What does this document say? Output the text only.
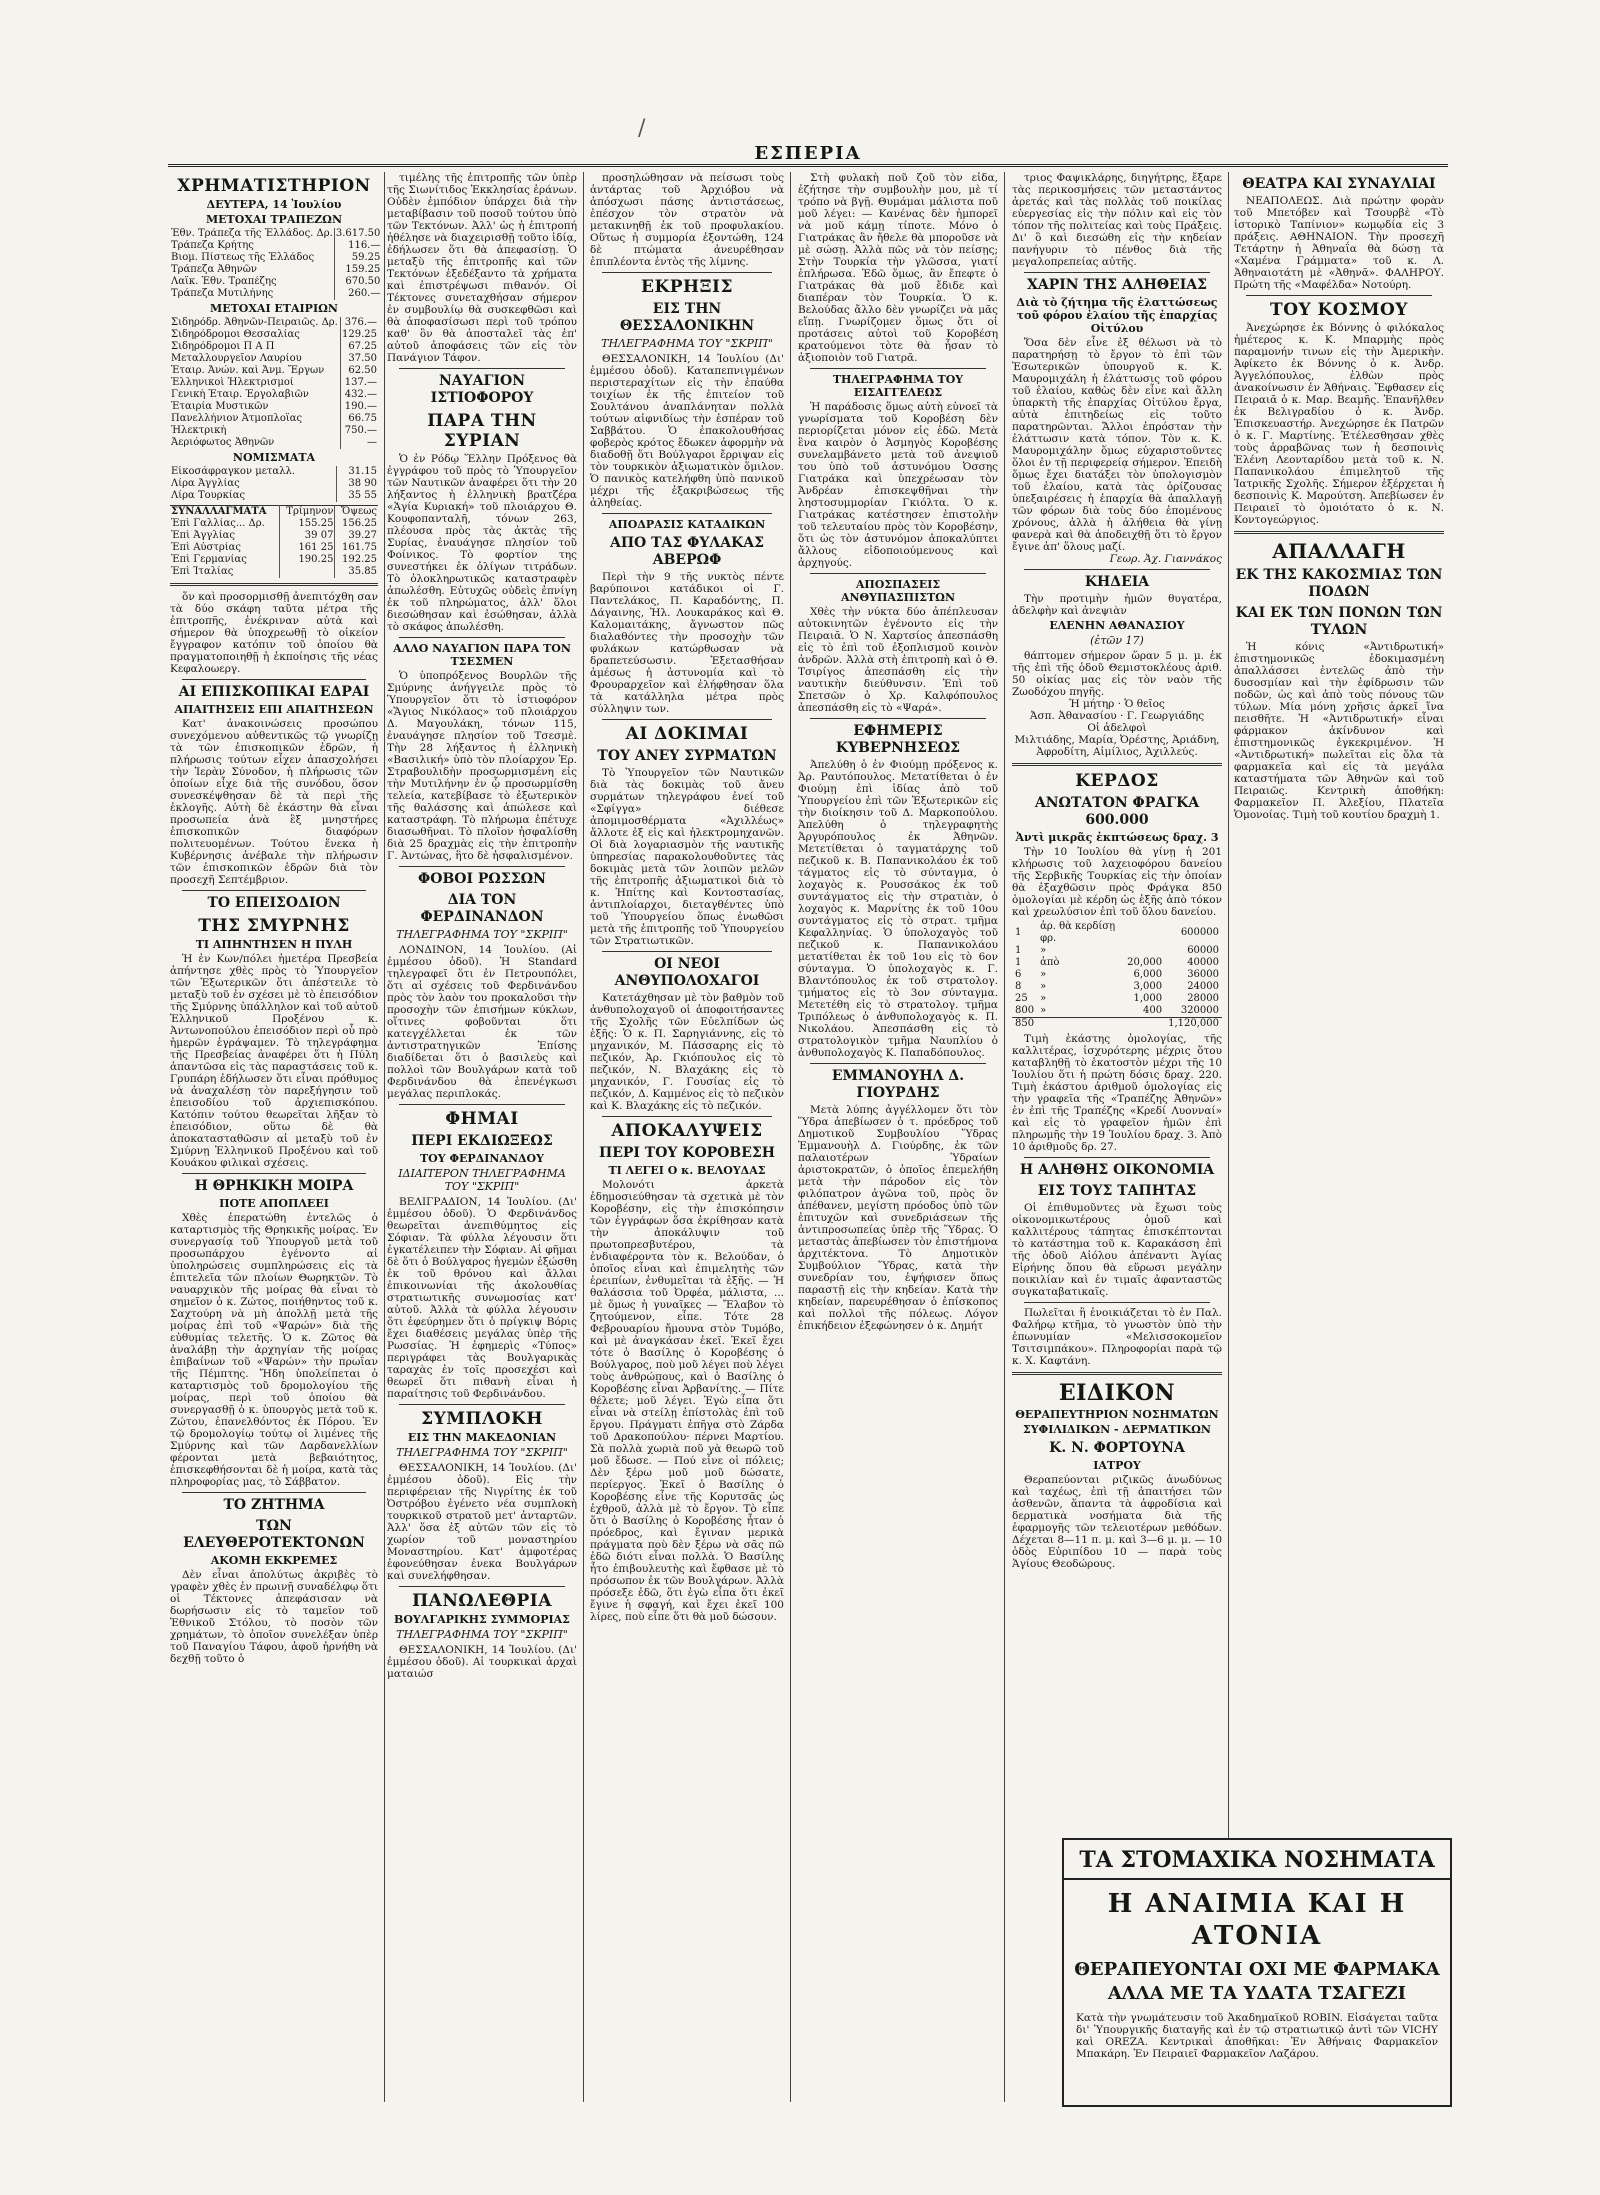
/
ΕΣΠΕΡΙΑ
ΧΡΗΜΑΤΙΣΤΗΡΙΟΝ
ΔΕΥΤΕΡΑ, 14 Ἰουλίου
ΜΕΤΟΧΑΙ ΤΡΑΠΕΖΩΝ
Ἐθν. Τράπεζα τῆς Ἑλλάδος. Δρ.	3.617.50
Τράπεζα Κρήτης	116.—
Βιομ. Πίστεως τῆς Ἑλλάδος	59.25
Τράπεζα Ἀθηνῶν	159.25
Λαϊκ. Ἐθν. Τραπέζης	670.50
Τράπεζα Μυτιλήνης	260.—
ΜΕΤΟΧΑΙ ΕΤΑΙΡΙΩΝ
Σιδηρόδρ. Ἀθηνῶν-Πειραιῶς. Δρ.	376.—
Σιδηρόδρομοι Θεσσαλίας	129.25
Σιδηρόδρομοι Π Α Π	67.25
Μεταλλουργεῖον Λαυρίου	37.50
Ἑταιρ. Ἀνών. καὶ Ἀνμ. Ἔργων	62.50
Ἑλληνικοὶ Ἠλεκτρισμοί	137.—
Γενικὴ Ἑταιρ. Ἐργολαβιῶν	432.—
Ἑταιρία Μυστικῶν	190.—
Πανελλήνιον Ἀτμοπλοΐας	66.75
Ἠλεκτρικὴ	750.—
Ἀεριόφωτος Ἀθηνῶν	—
ΝΟΜΙΣΜΑΤΑ
Εἰκοσάφραγκον μεταλλ.	31.15
Λίρα Ἀγγλίας	38 90
Λίρα Τουρκίας	35 55
ΣΥΝΑΛΛΑΓΜΑΤΑ	Τρίμηνον	Ὄψεως
Ἐπὶ Γαλλίας... Δρ.	155.25	156.25
Ἐπὶ Ἀγγλίας	39 07	39.27
Ἐπὶ Αὐστρίας	161 25	161.75
Ἐπὶ Γερμανίας	190.25	192.25
Ἐπὶ Ἰταλίας		35.85

ὅν καὶ προσορμισθῇ ἀνεπιτόχθη σαν τὰ δύο σκάφη ταῦτα μέτρα τῆς ἐπιτροπῆς, ἐνέκριναν αὐτὰ καὶ σήμερον θὰ ὑποχρεωθῇ τὸ οἰκείον ἔγγραφον κατόπιν τοῦ ὁποίου θὰ πραγματοποιηθῇ ἡ ἐκποίησις τῆς νέας Κεφαλοωεργ.

ΑΙ ΕΠΙΣΚΟΠΙΚΑΙ ΕΔΡΑΙ
ΑΠΑΙΤΗΣΕΙΣ ΕΠΙ ΑΠΑΙΤΗΣΕΩΝ

Κατ' ἀνακοινώσεις προσώπου συνεχόμενου αὐθεντικῶς τῷ γνωρίζῃ τὰ τῶν ἐπισκοπικῶν ἑδρῶν, ἡ πλήρωσις τούτων εἶχεν ἀπασχολήσει τὴν Ἱερὰν Σύνοδον, ἡ πλήρωσις τῶν ὁποίων εἶχε διὰ τῆς συνόδου, ὅσον συνεσκέψθησαν δὲ τὰ περὶ τῆς ἐκλογῆς. Αὐτὴ δὲ ἐκάστην θὰ εἶναι προσωπεία ἀνὰ ἓξ μνηστήρες ἐπισκοπικῶν διαφόρων πολιτευομένων. Τούτου ἕνεκα ἡ Κυβέρνησις ἀνέβαλε τὴν πλήρωσιν τῶν ἐπισκοπικῶν ἑδρῶν διὰ τὸν προσεχῆ Σεπτέμβριον.

ΤΟ ΕΠΕΙΣΟΔΙΟΝ
ΤΗΣ ΣΜΥΡΝΗΣ
ΤΙ ΑΠΗΝΤΗΣΕΝ Η ΠΥΛΗ

Ἡ ἐν Κων/πόλει ἡμετέρα Πρεσβεία ἀπήντησε χθὲς πρὸς τὸ Ὑπουργεῖον τῶν Ἐξωτερικῶν ὅτι ἀπέστειλε τὸ μεταξὺ τοῦ ἐν σχέσει μὲ τὸ ἐπεισόδιον τῆς Σμύρνης ὑπάλληλον καὶ τοῦ αὐτοῦ Ἑλληνικοῦ Προξένου κ. Ἀντωνοπούλου ἐπεισόδιον περὶ οὗ πρὸ ἡμερῶν ἐγράψαμεν. Τὸ τηλεγράφημα τῆς Πρεσβείας ἀναφέρει ὅτι ἡ Πύλη ἀπαντῶσα εἰς τὰς παραστάσεις τοῦ κ. Γρυπάρη ἐδήλωσεν ὅτι εἶναι πρόθυμος νὰ ἀναχαλέσῃ τὸν παρεξήγησιν τοῦ ἐπεισοδίου τοῦ ἀρχιεπισκόπου. Κατόπιν τούτου θεωρεῖται λῆξαν τὸ ἐπεισόδιον, οὕτω δὲ θὰ ἀποκατασταθῶσιν αἱ μεταξὺ τοῦ ἐν Σμύρνῃ Ἑλληνικοῦ Προξένου καὶ τοῦ Κουάκου φιλικαὶ σχέσεις.

Η ΘΡΗΚΙΚΗ ΜΟΙΡΑ
ΠΟΤΕ ΑΠΟΠΛΕΕΙ

Χθὲς ἐπερατώθη ἐντελῶς ὁ καταρτισμὸς τῆς Θρηκικῆς μοίρας. Ἐν συνεργασίᾳ τοῦ Ὑπουργοῦ μετὰ τοῦ προσωπάρχου ἐγένοντο αἱ ὑποληρώσεις συμπληρώσεις εἰς τὰ ἐπιτελεῖα τῶν πλοίων Θωρηκτῶν. Τὸ ναυαρχικὸν τῆς μοίρας θὰ εἶναι τὸ σημεῖον ὁ κ. Ζώτος, ποιήθηντος τοῦ κ. Σαχτούρη νὰ μὴ ἀπολλῇ μετὰ τῆς μοίρας ἐπὶ τοῦ «Ψαρών» διὰ τῆς εὐθυμίας τελετῆς. Ὁ κ. Ζῶτος θὰ ἀναλάβῃ τὴν ἀρχηγίαν τῆς μοίρας ἐπιβαίνων τοῦ «Ψαρών» τὴν πρωΐαν τῆς Πέμπτης. Ἤδη ὑπολείπεται ὁ καταρτισμὸς τοῦ δρομολογίου τῆς μοίρας, περὶ τοῦ ὁποίου θὰ συνεργασθῇ ὁ κ. ὑπουργὸς μετὰ τοῦ κ. Ζώτου, ἐπανελθόντος ἐκ Πόρου. Ἐν τῷ δρομολογίῳ τούτῳ οἱ λιμένες τῆς Σμύρνης καὶ τῶν Δαρδανελλίων φέρονται μετὰ βεβαιότητος, ἐπισκεφθήσονται δὲ ἡ μοίρα, κατὰ τὰς πληροφορίας μας, τὸ Σάββατον.

ΤΟ ΖΗΤΗΜΑ
ΤΩΝ ΕΛΕΥΘΕΡΟΤΕΚΤΟΝΩΝ
ΑΚΟΜΗ ΕΚΚΡΕΜΕΣ

Δὲν εἶναι ἀπολύτως ἀκριβὲς τὸ γραφὲν χθὲς ἐν πρωινῇ συναδέλφῳ ὅτι οἱ Τέκτονες ἀπεφάσισαν νὰ δωρήσωσιν εἰς τὸ ταμεῖον τοῦ Ἐθνικοῦ Στόλου, τὸ ποσὸν τῶν χρημάτων, τὸ ὁποῖον συνελέξαν ὑπὲρ τοῦ Παναγίου Τάφου, ἀφοῦ ἠρνήθη νὰ δεχθῇ τοῦτο ὁ

τιμέλης τῆς ἐπιτροπῆς τῶν ὑπὲρ τῆς Σιωνίτιδος Ἐκκλησίας ἐράνων. Οὐδὲν ἐμπόδιον ὑπάρχει διὰ τὴν μεταβίβασιν τοῦ ποσοῦ τούτου ὑπὸ τῶν Τεκτόνων. Ἀλλ' ὡς ἡ ἐπιτροπή ἠθέλησε νὰ διαχειρισθῇ τοῦτο ἰδίᾳ, ἐδήλωσεν ὅτι θὰ ἀπεφασίσῃ. Ὁ μεταξὺ τῆς ἐπιτροπῆς καὶ τῶν Τεκτόνων ἐξεδέξαντο τὰ χρήματα καὶ ἐπιστρέψωσι πιθανόν. Οἱ Τέκτονες συνεταχθήσαν σήμερον ἐν συμβουλίῳ θὰ συσκεφθῶσι καὶ θὰ ἀποφασίσωσι περὶ τοῦ τρόπου καθ' ὃν θὰ ἀποσταλεῖ τὰς ἐπ' αὐτοῦ ἀποφάσεις τῶν εἰς τὸν Πανάγιον Τάφον.

ΝΑΥΑΓΙΟΝ ΙΣΤΙΟΦΟΡΟΥ
ΠΑΡΑ ΤΗΝ ΣΥΡΙΑΝ

Ὁ ἐν Ρόδῳ Ἕλλην Πρόξενος θὰ ἐγγράφου τοῦ πρὸς τὸ Ὑπουργεῖον τῶν Ναυτικῶν ἀναφέρει ὅτι τὴν 20 λήξαντος ἡ ἑλληνικὴ βρατζέρα «Ἁγία Κυριακή» τοῦ πλοιάρχου Θ. Κουφοπανταλῆ, τόνων 263, πλέουσα πρὸς τὰς ἀκτὰς τῆς Συρίας, ἐναυάγησε πλησίον τοῦ Φοίνικος. Τὸ φορτίον της συνεστήκει ἐκ ὀλίγων τιτράδων. Τὸ ὀλοκληρωτικῶς καταστραφὲν ἀπωλέσθη. Εὐτυχῶς οὐδεὶς ἐπνίγη ἐκ τοῦ πληρώματος, ἀλλ' ὅλοι διεσώθησαν καὶ ἐσώθησαν, ἀλλὰ τὸ σκάφος ἀπωλέσθη.

ΑΛΛΟ ΝΑΥΑΓΙΟΝ ΠΑΡΑ ΤΟΝ ΤΣΕΣΜΕΝ

Ὁ ὑποπρόξενος Βουρλῶν τῆς Σμύρνης ἀνήγγειλε πρὸς τὸ Ὑπουργεῖον ὅτι τὸ ἱστιοφόρον «Ἅγιος Νικόλαος» τοῦ πλοιάρχου Δ. Μαγουλάκη, τόνων 115, ἐναυάγησε πλησίον τοῦ Τσεσμὲ. Τὴν 28 λήξαντος ἡ ἑλληνικὴ «Βασιλική» ὑπὸ τὸν πλοίαρχον Ἐρ. Στραβουλιδὴν προσωρμισμένη εἰς τὴν Μυτιλήνην ἐν ᾧ προσωρμίσθη τελεία, κατεβίβασε τὸ ἐξωτερικὸν τῆς θαλάσσης καὶ ἀπώλεσε καὶ καταστράφη. Τὸ πλήρωμα ἐπέτυχε διασωθῆναι. Τὸ πλοῖον ἠσφαλίσθη διὰ 25 δραχμὰς εἰς τὴν ἐπιτροπὴν Γ. Ἀντώνας, ἣτο δὲ ἠσφαλισμένον.

ΦΟΒΟΙ ΡΩΣΣΩΝ
ΔΙΑ ΤΟΝ ΦΕΡΔΙΝΑΝΔΟΝ
ΤΗΛΕΓΡΑΦΗΜΑ ΤΟΥ "ΣΚΡΙΠ"

ΛΟΝΔΙΝΟΝ, 14 Ἰουλίου. (Αἱ ἐμμέσου ὁδοῦ). Ἡ Standard τηλεγραφεῖ ὅτι ἐν Πετρουπόλει, ὅτι αἱ σχέσεις τοῦ Φερδινάνδου πρὸς τὸν λαὸν του προκαλοῦσι τὴν προσοχὴν τῶν ἐπισήμων κύκλων, οἵτινες φοβοῦνται ὅτι κατεγχέλλεται ἐκ τῶν ἀντιστρατηγικῶν Ἐπίσης διαδίδεται ὅτι ὁ βασιλεὺς καὶ πολλοὶ τῶν Βουλγάρων κατὰ τοῦ Φερδινάνδου θὰ ἐπενέγκωσι μεγάλας περιπλοκάς.

ΦΗΜΑΙ
ΠΕΡΙ ΕΚΔΙΩΞΕΩΣ
ΤΟΥ ΦΕΡΔΙΝΑΝΔΟΥ
ΙΔΙΑΙΤΕΡΟΝ ΤΗΛΕΓΡΑΦΗΜΑ ΤΟΥ "ΣΚΡΙΠ"

ΒΕΛΙΓΡΑΔΙΟΝ, 14 Ἰουλίου. (Δι' ἐμμέσου ὁδοῦ). Ὁ Φερδινάνδος θεωρεῖται ἀνεπιθύμητος εἰς Σόφιαν. Τὰ φύλλα λέγουσιν ὅτι ἐγκατέλειπεν τὴν Σόφιαν. Αἱ φῆμαι δὲ ὅτι ὁ Βούλγαρος ἠγεμὼν ἐξώσθη ἐκ τοῦ θρόνου καὶ ἄλλαι ἐπικοινωνίαι τῆς ἀκολουθίας στρατιωτικῆς συνωμοσίας κατ' αὐτοῦ. Ἀλλὰ τὰ φύλλα λέγουσιν ὅτι ἐφεύρημεν ὅτι ὁ πρίγκιψ Βόρις ἔχει διαθέσεις μεγάλας ὑπὲρ τῆς Ρωσσίας. Ἡ ἐφημερὶς «Τύπος» περιγράφει τὰς Βουλγαρικὰς ταραχὰς ἐν τοῖς προσεχέσι καὶ θεωρεῖ ὅτι πιθανὴ εἶναι ἡ παραίτησις τοῦ Φερδινάνδου.

ΣΥΜΠΛΟΚΗ
ΕΙΣ ΤΗΝ ΜΑΚΕΔΟΝΙΑΝ
ΤΗΛΕΓΡΑΦΗΜΑ ΤΟΥ "ΣΚΡΙΠ"

ΘΕΣΣΑΛΟΝΙΚΗ, 14 Ἰουλίου. (Δι' ἐμμέσου ὁδοῦ). Εἰς τὴν περιφέρειαν τῆς Νιγρίτης ἐκ τοῦ Ὀστρόβου ἐγένετο νέα συμπλοκὴ τουρκικοῦ στρατοῦ μετ' ἀνταρτῶν. Ἀλλ' ὅσα ἐξ αὐτῶν τῶν εἰς τὸ χωρίον τοῦ μοναστηρίου Μοναστηρίου. Κατ' ἀμφοτέρας ἐφονεύθησαν ἐνεκα Βουλγάρων καὶ συνελήφθησαν.

ΠΑΝΩΛΕΘΡΙΑ
ΒΟΥΛΓΑΡΙΚΗΣ ΣΥΜΜΟΡΙΑΣ
ΤΗΛΕΓΡΑΦΗΜΑ ΤΟΥ "ΣΚΡΙΠ"

ΘΕΣΣΑΛΟΝΙΚΗ, 14 Ἰουλίου. (Δι' ἐμμέσου ὁδοῦ). Αἱ τουρκικαὶ ἀρχαὶ ματαιώσ

προσηλώθησαν νὰ πείσωσι τοὺς ἀντάρτας τοῦ Ἀρχιόβου νὰ ἀπόσχωσι πάσης ἀντιστάσεως, ἐπέσχον τὸν στρατὸν νὰ μετακινηθῇ ἐκ τοῦ προφυλακίου. Οὕτως ἡ συμμορία ἐξοντώθη, 124 δὲ πτώματα ἀνευρέθησαν ἐπιπλέοντα ἐντὸς τῆς λίμνης.

ΕΚΡΗΞΙΣ
ΕΙΣ ΤΗΝ ΘΕΣΣΑΛΟΝΙΚΗΝ
ΤΗΛΕΓΡΑΦΗΜΑ ΤΟΥ "ΣΚΡΙΠ"

ΘΕΣΣΑΛΟΝΙΚΗ, 14 Ἰουλίου (Δι' ἐμμέσου ὁδοῦ). Καταπεπνιγμένων περιστεραχίτων εἰς τὴν ἐπαύθα τοιχίων ἐκ τῆς ἐπιτείον τοῦ Σουλτάνου ἀναπλάνηταν πολλὰ τούτων αἰφνιδίως τὴν ἑσπέραν τοῦ Σαββάτου. Ὁ ἐπακολουθήσας φοβερὸς κρότος ἔδωκεν ἀφορμὴν νὰ διαδοθῇ ὅτι Βούλγαροι ἔρριψαν εἰς τὸν τουρκικὸν ἀξιωματικὸν ὅμιλον. Ὁ πανικὸς κατελήφθη ὑπὸ πανικοῦ μέχρι τῆς ἐξακριβώσεως τῆς ἀληθείας.

ΑΠΟΔΡΑΣΙΣ ΚΑΤΑΔΙΚΩΝ
ΑΠΟ ΤΑΣ ΦΥΛΑΚΑΣ ΑΒΕΡΩΦ

Περὶ τὴν 9 τῆς νυκτὸς πέντε βαρύποινοι κατάδικοι οἱ Γ. Παντελάκος, Π. Καραδόντης, Π. Δάγαινης, Ἠλ. Λουκαράκος καὶ Θ. Καλομαιτάκης, ἄγνωστον πῶς διαλαθόντες τὴν προσοχὴν τῶν φυλάκων κατώρθωσαν νὰ δραπετεύσωσιν. Ἐξετασθήσαν ἀμέσως ἡ ἀστυνομία καὶ τὸ Φρουραρχεῖον καὶ ἐλήφθησαν ὅλα τὰ κατάλληλα μέτρα πρὸς σύλληψιν των.

ΑΙ ΔΟΚΙΜΑΙ
ΤΟΥ ΑΝΕΥ ΣΥΡΜΑΤΩΝ

Τὸ Ὑπουργεῖον τῶν Ναυτικῶν διὰ τὰς δοκιμὰς τοῦ ἄνευ συρμάτων τηλεγράφου ἐνεί τοῦ «Σφίγγα» διέθεσε ἀπομιμοσθέρματα «Ἀχιλλέως» ἄλλοτε ἐξ εἰς καὶ ἠλεκτρομηχανῶν. Οἱ διὰ λογαριασμὸν τῆς ναυτικῆς ὑπηρεσίας παρακολουθοῦντες τὰς δοκιμὰς μετὰ τῶν λοιπῶν μελῶν τῆς ἐπιτροπῆς ἀξιωματικοὶ διὰ τὸ κ. Ἠπίτης καὶ Κοντοστασίας, ἀντιπλοίαρχοι, διεταγθέντες ὑπὸ τοῦ Ὑπουργείου ὅπως ἐνωθῶσι μετὰ τῆς ἐπιτροπῆς τοῦ Ὑπουργείου τῶν Στρατιωτικῶν.

ΟΙ ΝΕΟΙ ΑΝΘΥΠΟΛΟΧΑΓΟΙ

Κατετάχθησαν μὲ τὸν βαθμὸν τοῦ ἀνθυπολοχαγοῦ οἱ ἀποφοιτήσαντες τῆς Σχολῆς τῶν Εὐελπίδων ὡς ἑξῆς: Ὁ κ. Π. Σαρηγιάννης, εἰς τὸ μηχανικόν, Μ. Πάσσαρης εἰς τὸ πεζικόν, Ἀρ. Γκιόπουλος εἰς τὸ πεζικόν, Ν. Βλαχάκης εἰς τὸ μηχανικόν, Γ. Γουσίας εἰς τὸ πεζικόν, Δ. Καμμένος εἰς τὸ πεζικὸν καὶ Κ. Βλαχάκης εἰς τὸ πεζικόν.

ΑΠΟΚΑΛΥΨΕΙΣ
ΠΕΡΙ ΤΟΥ ΚΟΡΟΒΕΣΗ
ΤΙ ΛΕΓΕΙ Ο κ. ΒΕΛΟΥΔΑΣ

Μολονότι ἀρκετὰ ἐδημοσιεύθησαν τὰ σχετικὰ μὲ τὸν Κοροβέσην, εἰς τὴν ἐπισκόπησιν τῶν ἐγγράφων ὅσα ἐκρίθησαν κατὰ τὴν ἀποκάλυψιν τοῦ πρωτοπρεσβυτέρου, τὰ ἐνδιαφέροντα τὸν κ. Βελούδαν, ὁ ὁποῖος εἶναι καὶ ἐπιμελητὴς τῶν ἐρειπίων, ἐνθυμεῖται τὰ ἑξῆς. — Ἡ θαλάσσια τοῦ Ὀρφέα, μάλιστα, ... μὲ ὅμως ἡ γυναῖκες — Ἔλαβον τὸ ζητούμενον, εἶπε. Τότε 28 Φεβρουαρίου ἤμουνα στὸν Τυμόβο, καὶ μὲ ἀναγκάσαν ἐκεῖ. Ἐκεῖ ἔχει τότε ὁ Βασίλης ὁ Κοροβέσης ὁ Βούλγαρος, ποὺ μοῦ λέγει ποὺ λέγει τοὺς ἀνθρώπους, καὶ ὁ Βασίλης ὁ Κοροβέσης εἶναι Ἀρβανίτης. — Πίτε θέλετε; μοῦ λέγει. Ἐγὼ εἶπα ὅτι εἶναι νὰ στείλῃ ἐπίστολὰς ἐπὶ τοῦ ἔργου. Πράγματι ἐπῆγα στὸ Ζάρδα τοῦ Δρακοπούλου· πέρνει Μαρτίου. Σὰ πολλὰ χωριὰ ποῦ γὰ θεωρῶ τοῦ μοῦ ἔδωσε. — Πού εἶνε οἱ πόλεις; Δὲν ξέρω μοῦ μοῦ δώσατε, περίεργος. Ἐκεῖ ὁ Βασίλης ὁ Κοροβέσης εἶνε τῆς Κορυτσᾶς ὡς ἐχθροῦ, ἀλλὰ μὲ τὸ ἔργον. Τὸ εἶπε ὅτι ὁ Βασίλης ὁ Κοροβέσης ἦταν ὁ πρόεδρος, καὶ ἔγιναν μερικὰ πράγματα ποὺ δὲν ξέρω νὰ σᾶς πῶ ἐδῶ διότι εἶναι πολλὰ. Ὁ Βασίλης ἦτο ἐπιβουλευτὴς καὶ ἔφθασε μὲ τὸ πρόσωπον ἐκ τῶν Βουλγάρων. Ἀλλὰ πρόσεξε ἐδῶ, ὅτι ἐγὼ εἶπα ὅτι ἐκεῖ ἔγινε ἡ σφαγή, καὶ ἔχει ἐκεῖ 100 λίρες, ποὺ εἶπε ὅτι θὰ μοῦ δώσουν.

Στὴ φυλακὴ ποῦ ζοῦ τὸν εἶδα, ἐζήτησε τὴν συμβουλὴν μου, μὲ τί τρόπο νὰ βγῇ. Θυμάμαι μάλιστα ποῦ μοῦ λέγει: — Κανένας δὲν ἠμπορεῖ νὰ μοῦ κάμῃ τίποτε. Μόνο ὁ Γιατράκας ἂν ἤθελε θὰ μποροῦσε νὰ μὲ σώσῃ. Ἀλλὰ πῶς νὰ τὸν πείσῃς; Στὴν Τουρκία τὴν γλῶσσα, γιατί ἐπλήρωσα. Ἐδῶ ὅμως, ἂν ἔπεφτε ὁ Γιατράκας θὰ μοῦ ἔδιδε καὶ διαπέραν τὸν Τουρκία. Ὁ κ. Βελούδας ἄλλο δὲν γνωρίζει νὰ μᾶς εἴπῃ. Γνωρίζομεν ὅμως ὅτι οἱ προτάσεις αὐτοὶ τοῦ Κοροβέση κρατούμενοι τὸτε θὰ ἦσαν τὸ ἀξιοποιὸν τοῦ Γιατρᾶ.

ΤΗΛΕΓΡΑΦΗΜΑ ΤΟΥ ΕΙΣΑΓΓΕΛΕΩΣ

Ἡ παράδοσις ὅμως αὐτὴ εὑνοεῖ τὰ γνωρίσματα τοῦ Κοροβέση δὲν περιορίζεται μόνον εἰς ἐδῶ. Μετὰ ἓνα καιρὸν ὁ Ἀσμηγὸς Κοροβέσης συνελαμβάνετο μετὰ τοῦ ἀνεψιοῦ του ὑπὸ τοῦ ἀστυνόμου Ὀσσης Γιατράκα καὶ ὑπεχρέωσαν τὸν Ἀνδρέαν ἐπισκεψθῆναι τὴν ληστοσυμμορίαν Γκιόλτα. Ὁ κ. Γιατράκας κατέστησεν ἐπιστολὴν τοῦ τελευταίου πρὸς τὸν Κοροβέσην, ὅτι ὡς τὸν ἀστυνόμον ἀποκαλύπτει ἄλλους εἰδοποιούμενους καὶ ἀρχηγούς.

ΑΠΟΣΠΑΣΕΙΣ ΑΝΘΥΠΑΣΠΙΣΤΩΝ

Χθὲς τὴν νύκτα δύο ἀπέπλευσαν αὐτοκινητῶν ἐγένοντο εἰς τὴν Πειραιᾶ. Ὁ Ν. Χαρτσίος ἀπεσπάσθη εἰς τὸ ἐπὶ τοῦ ἐξοπλισμοῦ κοινὸν ἀνδρῶν. Ἀλλὰ στὴ ἐπιτροπὴ καὶ ὁ Θ. Τσιρίγος ἀπεσπάσθη εἰς τὴν ναυτικὴν διεύθυνσιν. Ἐπὶ τοῦ Σπετσῶν ὁ Χρ. Καλφόπουλος ἀπεσπάσθη εἰς τὸ «Ψαρά».

ΕΦΗΜΕΡΙΣ ΚΥΒΕΡΝΗΣΕΩΣ

Ἀπελύθη ὁ ἐν Φιούμῃ πρόξενος κ. Ἀρ. Ραυτόπουλος. Μετατίθεται ὁ ἐν Φιούμῃ ἐπὶ ἰδίας ἀπὸ τοῦ Ὑπουργείου ἐπὶ τῶν Ἐξωτερικῶν εἰς τὴν διοίκησιν τοῦ Δ. Μαρκοπούλου. Ἀπελύθη ὁ τηλεγραφητὴς Ἀργυρόπουλος ἐκ Ἀθηνῶν. Μετετίθεται ὁ ταγματάρχης τοῦ πεζικοῦ κ. Β. Παπανικολάου ἐκ τοῦ τάγματος εἰς τὸ σύνταγμα, ὁ λοχαγὸς κ. Ρουσσάκος ἐκ τοῦ συντάγματος εἰς τὴν στρατιὰν, ὁ λοχαγὸς κ. Μαρνίτης ἐκ τοῦ 10ου συντάγματος εἰς τὸ στρατ. τμῆμα Κεφαλληνίας. Ὁ ὑπολοχαγὸς τοῦ πεζικοῦ κ. Παπανικολάου μετατίθεται ἐκ τοῦ 1ου εἰς τὸ 6ον σύνταγμα. Ὁ ὑπολοχαγὸς κ. Γ. Βλαντόπουλος ἐκ τοῦ στρατολογ. τμήματος εἰς τὸ 3ον σύνταγμα. Μετετέθη εἰς τὸ στρατολογ. τμῆμα Τριπόλεως ὁ ἀνθυπολοχαγὸς κ. Π. Νικολάου. Ἀπεσπάσθη εἰς τὸ στρατολογικὸν τμῆμα Ναυπλίου ὁ ἀνθυπολοχαγὸς Κ. Παπαδόπουλος.

ΕΜΜΑΝΟΥΗΛ Δ. ΓΙΟΥΡΔΗΣ

Μετὰ λύπης ἀγγέλλομεν ὅτι τὸν Ὕδρα ἀπεβίωσεν ὁ τ. πρόεδρος τοῦ Δημοτικοῦ Συμβουλίου Ὕδρας Ἐμμανουὴλ Δ. Γιούρδης, ἐκ τῶν παλαιοτέρων Ὑδραίων ἀριστοκρατῶν, ὁ ὁποῖος ἐπεμελήθη μετὰ τὴν πάροδον εἰς τὸν φιλόπατρον ἀγῶνα τοῦ, πρὸς ὃν ἀπέθανεν, μεγίστη πρόοδος ὑπὸ τῶν ἐπιτυχῶν καὶ συνεδριάσεων τῆς ἀντιπροσωπείας ὑπὲρ τῆς Ὕδρας. Ὁ μεταστὰς ἀπεβίωσεν τὸν ἐπιστήμονα ἀρχιτέκτονα. Τὸ Δημοτικὸν Συμβούλιον Ὕδρας, κατὰ τὴν συνεδρίαν του, ἐψήφισεν ὅπως παραστῇ εἰς τὴν κηδείαν. Κατὰ τὴν κηδείαν, παρευρέθησαν ὁ ἐπίσκοπος καὶ πολλοὶ τῆς πόλεως. Λόγον ἐπικήδειον ἐξεφώνησεν ὁ κ. Δημήτ

τριος Φαψικλάρης, διηγήτρης, ἔξαρε τὰς περικοσμήσεις τῶν μεταστάντος ἀρετάς καὶ τὰς πολλὰς τοῦ ποικίλας εὐεργεσίας εἰς τὴν πόλιν καὶ εἰς τὸν τόπον τῆς πολιτείας καὶ τοὺς Πράξεις. Δι' ὃ καὶ διεσώθη εἰς τὴν κηδείαν πανήγυριν τὸ πένθος διὰ τῆς μεγαλοπρεπείας αὐτῆς.

ΧΑΡΙΝ ΤΗΣ ΑΛΗΘΕΙΑΣ
Διὰ τὸ ζήτημα τῆς ἐλαττώσεως τοῦ φόρου ἐλαίου τῆς ἐπαρχίας Οἰτύλου

Ὅσα δὲν εἶνε ἐξ θέλωσι νὰ τὸ παρατηρήσῃ τὸ ἔργον τὸ ἐπὶ τῶν Ἐσωτερικῶν ὑπουργοῦ κ. Κ. Μαυρομιχάλη ἡ ἐλάττωσις τοῦ φόρου τοῦ ἐλαίου, καθὼς δὲν εἶνε καὶ ἄλλη ὑπαρκτὴ τῆς ἐπαρχίας Οἰτύλου ἔργα, αὐτὰ ἐπιτηδείως εἰς τοῦτο παρατηρῶνται. Ἄλλοι ἐπρόσταν τὴν ἐλάττωσιν κατὰ τόπον. Τὸν κ. Κ. Μαυρομιχάλην ὅμως εὐχαριστοῦντες ὅλοι ἐν τῇ περιφερείᾳ σήμερον. Ἐπειδὴ ὅμως ἔχει διατάξει τὸν ὑπολογισμὸν τοῦ ἐλαίου, κατὰ τὰς ὁρίζουσας ὑπεξαιρέσεις ἡ ἐπαρχία θὰ ἀπαλλαγῇ τῶν φόρων διὰ τοὺς δύο ἐπομένους χρόνους, ἀλλὰ ἡ ἀλήθεια θὰ γίνῃ φανερὰ καὶ θὰ ἀποδειχθῇ ὅτι τὸ ἔργον ἔγινε ἀπ' ὅλους μαζί.

Γεωρ. Ἀχ. Γιαννάκος
ΚΗΔΕΙΑ

Τὴν προτιμὴν ἡμῶν θυγατέρα, ἀδελφὴν καὶ ἀνεψιὰν

ΕΛΕΝΗΝ ΑΘΑΝΑΣΙΟΥ
(ἐτῶν 17)

θάπτομεν σήμερον ὥραν 5 μ. μ. ἐκ τῆς ἐπὶ τῆς ὁδοῦ Θεμιστοκλέους ἀριθ. 50 οἰκίας μας εἰς τὸν ναὸν τῆς Ζωοδόχου πηγῆς.

Ἡ μήτηρ · Ὁ θεῖος
Ἀσπ. Ἀθανασίου · Γ. Γεωργιάδης
Οἱ ἀδελφοὶ
Μιλτιάδης, Μαρία, Ὀρέστης, Ἀριάδνη, Ἀφροδίτη, Αἰμίλιος, Ἀχιλλεύς.
ΚΕΡΔΟΣ
ΑΝΩΤΑΤΟΝ ΦΡΑΓΚΑ 600.000
Ἀντὶ μικρᾶς ἐκπτώσεως δραχ. 3

Τὴν 10 Ἰουλίου θὰ γίνῃ ἡ 201 κλήρωσις τοῦ λαχειοφόρου δανείου τῆς Σερβικῆς Τουρκίας εἰς τὴν ὁποίαν θὰ ἐξαχθῶσιν πρὸς Φράγκα 850 ὁμολογίαι μὲ κέρδη ὡς ἑξῆς ἀπὸ τόκον καὶ χρεωλύσιον ἐπὶ τοῦ ὅλου δανείου.

1	ἀρ. θὰ κερδίσῃ φρ.		600000
1	»		60000
1	ἀπὸ	20,000	40000
6	»	6,000	36000
8	»	3,000	24000
25	»	1,000	28000
800	»	400	320000
850			1,120,000

Τιμὴ ἑκάστης ὁμολογίας, τῆς καλλιτέρας, ἰσχυρότερης μέχρις ὅτου καταβληθῇ τὸ ἑκατοστὸν μέχρι τῆς 10 Ἰουλίου ὅτι ἡ πρώτη δόσις δραχ. 220. Τιμὴ ἑκάστου ἀριθμοῦ ὁμολογίας εἰς τὴν γραφεῖα τῆς «Τραπέζης Ἀθηνῶν» ἐν ἐπὶ τῆς Τραπέζης «Κρεδί Λυονναί» καὶ εἰς τὸ γραφεῖον ἡμῶν ἐπὶ πληρωμῆς τὴν 19 Ἰουλίου δραχ. 3. Ἀπὸ 10 ἀριθμοῦς δρ. 27.

Η ΑΛΗΘΗΣ ΟΙΚΟΝΟΜΙΑ
ΕΙΣ ΤΟΥΣ ΤΑΠΗΤΑΣ

Οἱ ἐπιθυμοῦντες νὰ ἔχωσι τοὺς οἰκονομικωτέρους ὁμοῦ καὶ καλλιτέρους τάπητας ἐπισκέπτονται τὸ κατάστημα τοῦ κ. Καρακάσση ἐπὶ τῆς ὁδοῦ Αἰόλου ἀπέναντι Ἁγίας Εἰρήνης ὅπου θὰ εὕρωσι μεγάλην ποικιλίαν καὶ ἐν τιμαῖς ἀφανταστῶς συγκαταβατικαῖς.

Πωλεῖται ἢ ἐνοικιάζεται τὸ ἐν Παλ. Φαλήρῳ κτῆμα, τὸ γνωστὸν ὑπὸ τὴν ἐπωνυμίαν «Μελισσοκομεῖον Τσιτσιμπάκου». Πληροφορίαι παρὰ τῷ κ. Χ. Καφτάνη.

ΕΙΔΙΚΟΝ
ΘΕΡΑΠΕΥΤΗΡΙΟΝ ΝΟΣΗΜΑΤΩΝ
ΣΥΦΙΛΙΔΙΚΩΝ - ΔΕΡΜΑΤΙΚΩΝ
Κ. Ν. ΦΟΡΤΟΥΝΑ
ΙΑΤΡΟΥ

Θεραπεύονται ριζικῶς ἀνωδύνως καὶ ταχέως, ἐπὶ τῇ ἀπαιτήσει τῶν ἀσθενῶν, ἅπαντα τὰ ἀφροδίσια καὶ δερματικὰ νοσήματα διὰ τῆς ἐφαρμογῆς τῶν τελειοτέρων μεθόδων. Δέχεται 8—11 π. μ. καὶ 3—6 μ. μ. — 10 ὁδὸς Εὐριπίδου 10 — παρὰ τοὺς Ἁγίους Θεοδώρους.

ΘΕΑΤΡΑ ΚΑΙ ΣΥΝΑΥΛΙΑΙ

ΝΕΑΠΟΛΕΩΣ. Διὰ πρώτην φορὰν τοῦ Μπετόβεν καὶ Τσουρβὲ «Τὸ ἱστορικὸ Ταπίνιον» κωμῳδία εἰς 3 πράξεις. ΑΘΗΝΑΙΟΝ. Τὴν προσεχῆ Τετάρτην ἡ Ἀθηναΐα θὰ δώσῃ τὰ «Χαμένα Γράμματα» τοῦ κ. Λ. Ἀθηναιοτάτη μὲ «Ἀθηνᾶ». ΦΑΛΗΡΟΥ. Πρώτη τῆς «Μαφέλδα» Νοτούρη.

ΤΟΥ ΚΟΣΜΟΥ

Ἀνεχώρησε ἐκ Βόννης ὁ φιλόκαλος ἡμέτερος κ. Κ. Μπαρμὴς πρὸς παραμονήν τινων εἰς τὴν Ἀμερικὴν. Ἀφίκετο ἐκ Βόννης ὁ κ. Ἀνδρ. Ἀγγελόπουλος, ἐλθὼν πρὸς ἀνακοίνωσιν ἐν Ἀθήναις. Ἔφθασεν εἰς Πειραιᾶ ὁ κ. Μαρ. Βεαμῆς. Ἐπανῆλθεν ἐκ Βελιγραδίου ὁ κ. Ἀνδρ. Ἐπισκευαστήρ. Ἀνεχώρησε ἐκ Πατρῶν ὁ κ. Γ. Μαρτίνης. Ἐτέλεσθησαν χθὲς τοὺς ἀρραβῶνας των ἡ δεσποινὶς Ἑλένη Λεονταρίδου μετὰ τοῦ κ. Ν. Παπανικολάου ἐπιμελητοῦ τῆς Ἱατρικῆς Σχολῆς. Σήμερον ἐξέρχεται ἡ δεσποινὶς Κ. Μαρούτση. Ἀπεβίωσεν ἐν Πειραιεῖ τὸ ὁμοιότατο ὁ κ. Ν. Κοντογεώργιος.

ΑΠΑΛΛΑΓΗ
ΕΚ ΤΗΣ ΚΑΚΟΣΜΙΑΣ ΤΩΝ ΠΟΔΩΝ
ΚΑΙ ΕΚ ΤΩΝ ΠΟΝΩΝ ΤΩΝ ΤΥΛΩΝ

Ἡ κόνις «Ἀντιδρωτική» ἐπιστημονικῶς ἐδοκιμασμένη ἀπαλλάσσει ἐντελῶς ἀπὸ τὴν δυσοσμίαν καὶ τὴν ἐφίδρωσιν τῶν ποδῶν, ὡς καὶ ἀπὸ τοὺς πόνους τῶν τύλων. Μία μόνη χρῆσις ἀρκεῖ ἵνα πεισθῆτε. Ἡ «Ἀντιδρωτική» εἶναι φάρμακον ἀκίνδυνον καὶ ἐπιστημονικῶς ἐγκεκριμένον. Ἡ «Ἀντιδρωτική» πωλεῖται εἰς ὅλα τὰ φαρμακεῖα καὶ εἰς τὰ μεγάλα καταστήματα τῶν Ἀθηνῶν καὶ τοῦ Πειραιῶς. Κεντρικὴ ἀποθήκη: Φαρμακεῖον Π. Ἀλεξίου, Πλατεῖα Ὁμονοίας. Τιμὴ τοῦ κουτίου δραχμὴ 1.

ΤΑ ΣΤΟΜΑΧΙΚΑ ΝΟΣΗΜΑΤΑ
Η ΑΝΑΙΜΙΑ ΚΑΙ Η ΑΤΟΝΙΑ
ΘΕΡΑΠΕΥΟΝΤΑΙ ΟΧΙ ΜΕ ΦΑΡΜΑΚΑ
ΑΛΛΑ ΜΕ ΤΑ ΥΔΑΤΑ ΤΣΑΓΕΖΙ
Κατὰ τὴν γνωμάτευσιν τοῦ Ἀκαδημαϊκοῦ ROBIN. Εἰσάγεται ταῦτα δι' Ὑπουργικῆς διαταγῆς καὶ ἐν τῷ στρατιωτικῷ ἀντὶ τῶν VICHY καὶ OREZA. Κεντρικαὶ ἀποθῆκαι: Ἐν Ἀθήναις Φαρμακεῖον Μπακάρη. Ἐν Πειραιεῖ Φαρμακεῖον Λαζάρου.
